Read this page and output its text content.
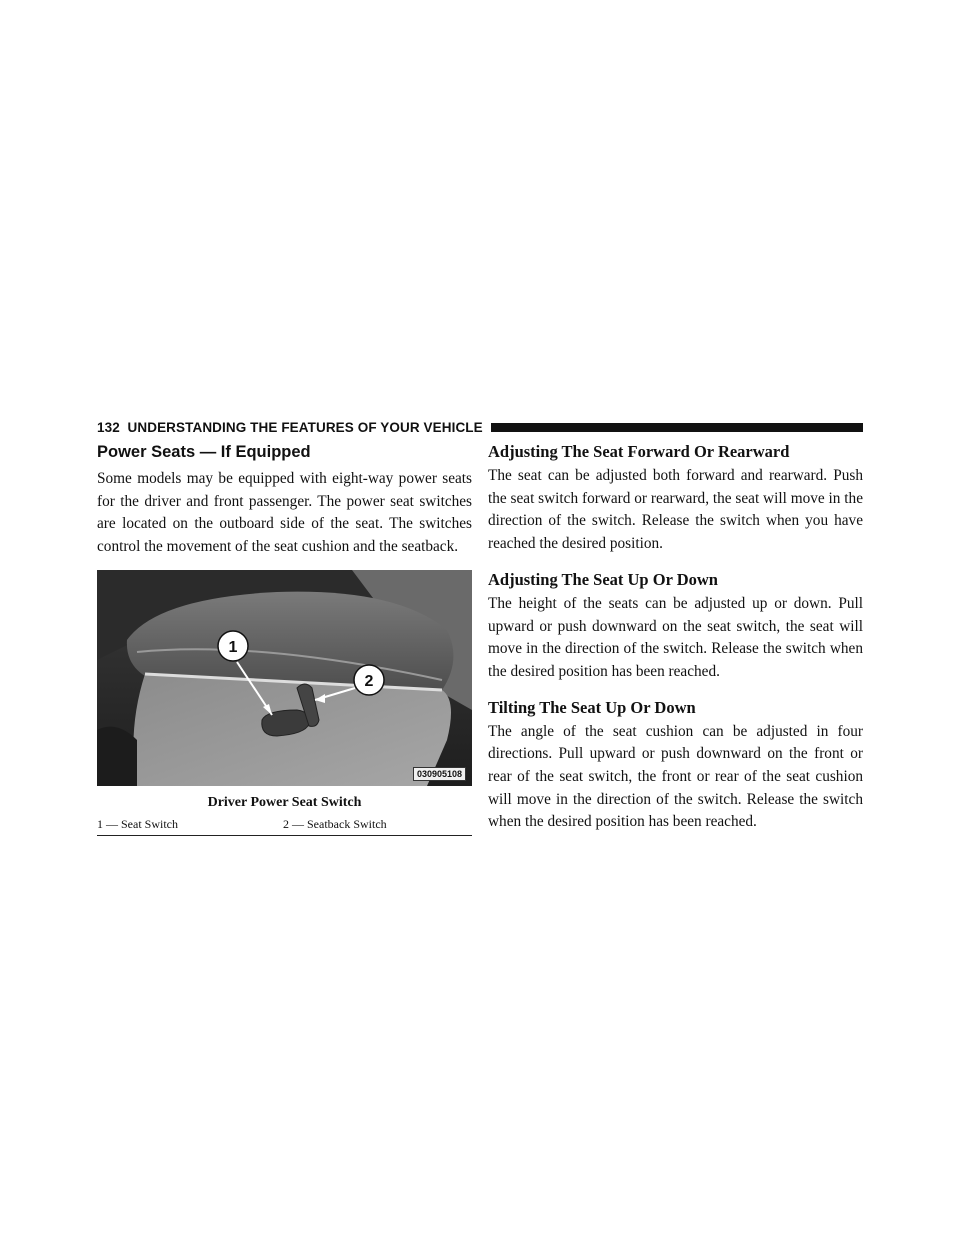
132 UNDERSTANDING THE FEATURES OF YOUR VEHICLE
Power Seats — If Equipped

Some models may be equipped with eight-way power seats for the driver and front passenger. The power seat switches are located on the outboard side of the seat. The switches control the movement of the seat cushion and the seatback.

1
2
030905108
Driver Power Seat Switch
1 — Seat Switch	2 — Seatback Switch
Adjusting The Seat Forward Or Rearward

The seat can be adjusted both forward and rearward. Push the seat switch forward or rearward, the seat will move in the direction of the switch. Release the switch when you have reached the desired position.

Adjusting The Seat Up Or Down

The height of the seats can be adjusted up or down. Pull upward or push downward on the seat switch, the seat will move in the direction of the switch. Release the switch when the desired position has been reached.

Tilting The Seat Up Or Down

The angle of the seat cushion can be adjusted in four directions. Pull upward or push downward on the front or rear of the seat switch, the front or rear of the seat cushion will move in the direction of the switch. Release the switch when the desired position has been reached.
